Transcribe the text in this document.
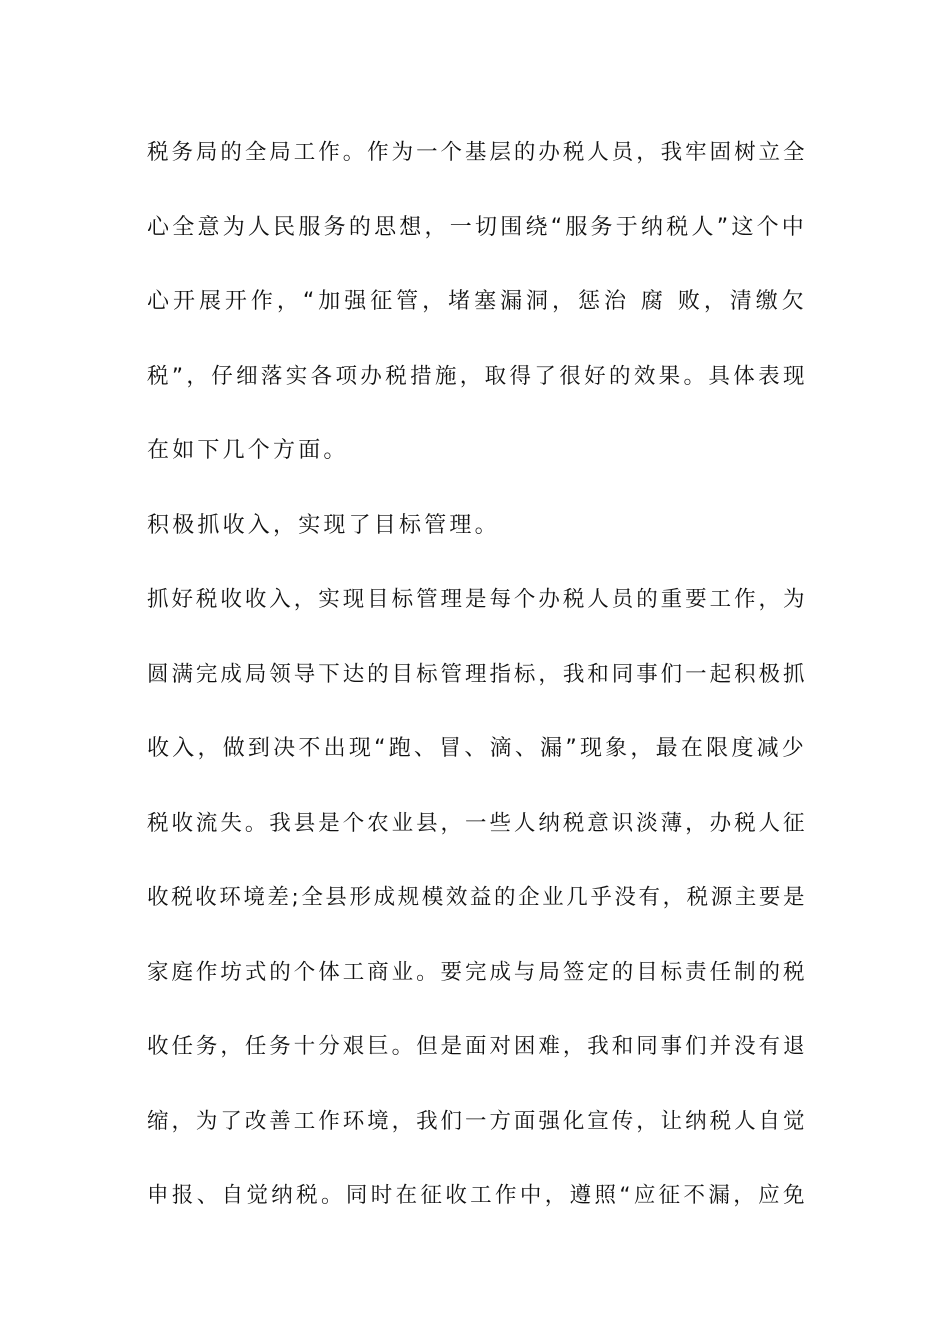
税务局的全局工作。作为一个基层的办税人员，我牢固树立全
心全意为人民服务的思想，一切围绕“服务于纳税人”这个中
心开展开作，“加强征管，堵塞漏洞，惩治 腐 败，清缴欠
税”，仔细落实各项办税措施，取得了很好的效果。具体表现
在如下几个方面。
积极抓收入，实现了目标管理。
抓好税收收入，实现目标管理是每个办税人员的重要工作，为
圆满完成局领导下达的目标管理指标，我和同事们一起积极抓
收入，做到决不出现“跑、冒、滴、漏”现象，最在限度减少
税收流失。我县是个农业县，一些人纳税意识淡薄，办税人征
收税收环境差;全县形成规模效益的企业几乎没有，税源主要是
家庭作坊式的个体工商业。要完成与局签定的目标责任制的税
收任务，任务十分艰巨。但是面对困难，我和同事们并没有退
缩，为了改善工作环境，我们一方面强化宣传，让纳税人自觉
申报、自觉纳税。同时在征收工作中，遵照“应征不漏，应免
